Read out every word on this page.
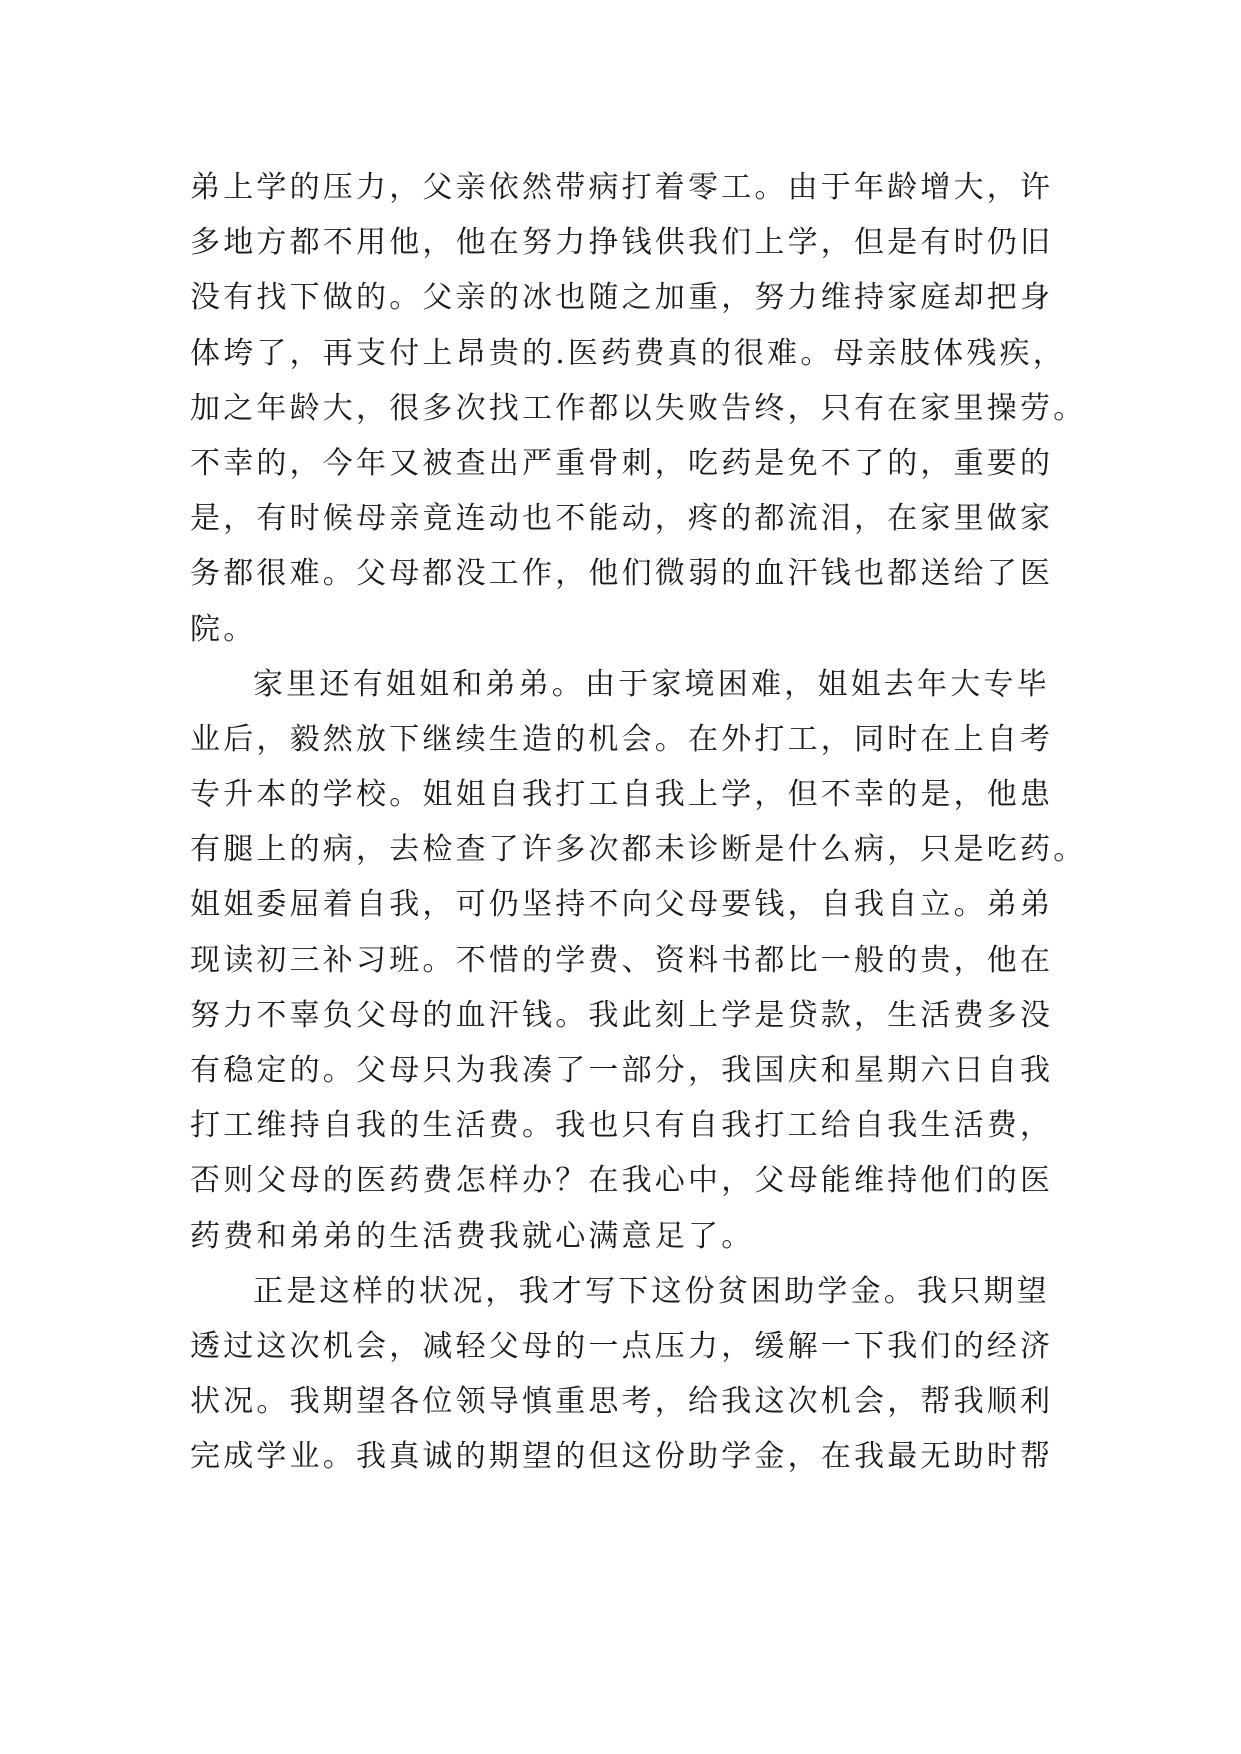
弟上学的压力，父亲依然带病打着零工。由于年龄增大，许
多地方都不用他，他在努力挣钱供我们上学，但是有时仍旧
没有找下做的。父亲的冰也随之加重，努力维持家庭却把身
体垮了，再支付上昂贵的.医药费真的很难。母亲肢体残疾，
加之年龄大，很多次找工作都以失败告终，只有在家里操劳。
不幸的，今年又被查出严重骨刺，吃药是免不了的，重要的
是，有时候母亲竟连动也不能动，疼的都流泪，在家里做家
务都很难。父母都没工作，他们微弱的血汗钱也都送给了医
院。
家里还有姐姐和弟弟。由于家境困难，姐姐去年大专毕
业后，毅然放下继续生造的机会。在外打工，同时在上自考
专升本的学校。姐姐自我打工自我上学，但不幸的是，他患
有腿上的病，去检查了许多次都未诊断是什么病，只是吃药。
姐姐委屈着自我，可仍坚持不向父母要钱，自我自立。弟弟
现读初三补习班。不惜的学费、资料书都比一般的贵，他在
努力不辜负父母的血汗钱。我此刻上学是贷款，生活费多没
有稳定的。父母只为我凑了一部分，我国庆和星期六日自我
打工维持自我的生活费。我也只有自我打工给自我生活费，
否则父母的医药费怎样办？在我心中，父母能维持他们的医
药费和弟弟的生活费我就心满意足了。
正是这样的状况，我才写下这份贫困助学金。我只期望
透过这次机会，减轻父母的一点压力，缓解一下我们的经济
状况。我期望各位领导慎重思考，给我这次机会，帮我顺利
完成学业。我真诚的期望的但这份助学金，在我最无助时帮
